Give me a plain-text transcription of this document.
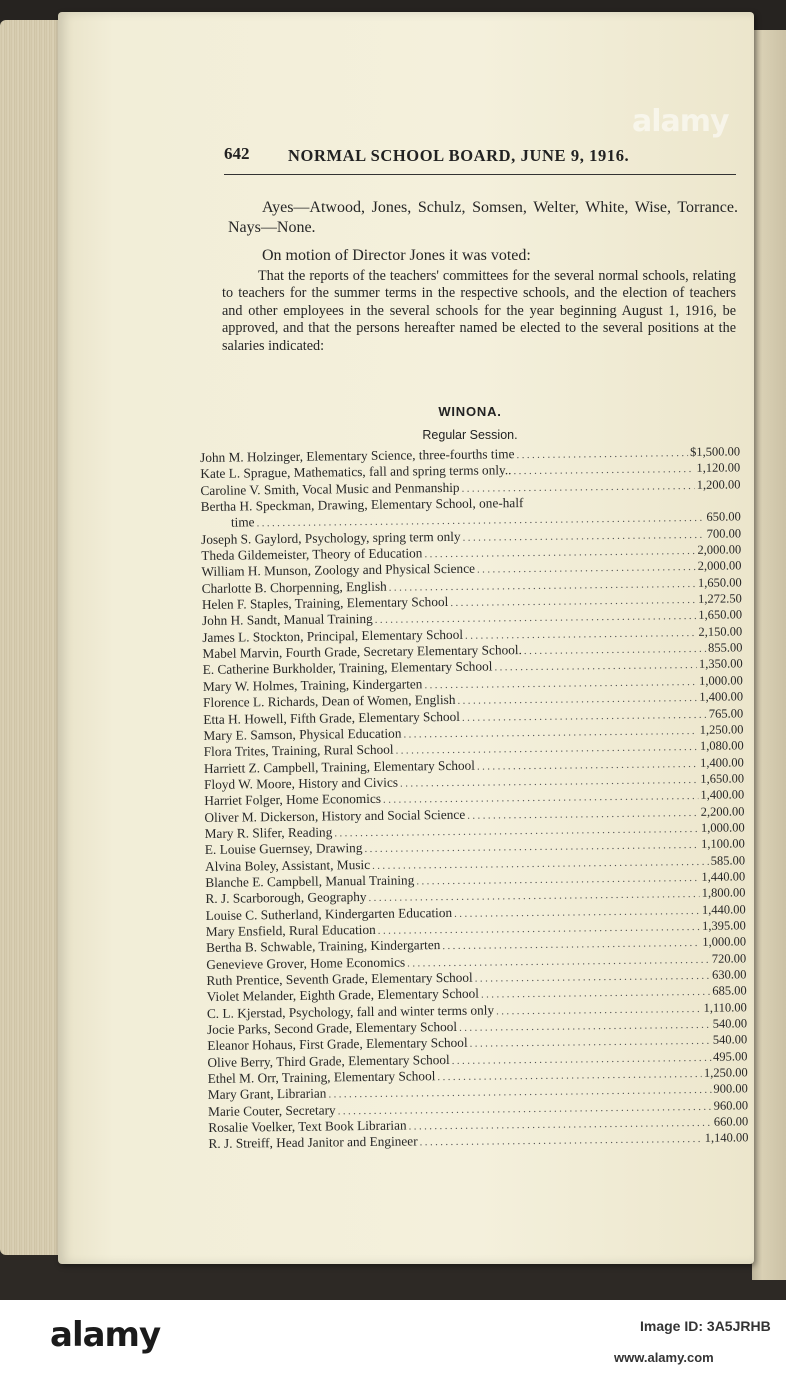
alamy
642 NORMAL SCHOOL BOARD, JUNE 9, 1916.
Ayes—Atwood, Jones, Schulz, Somsen, Welter, White, Wise, Torrance. Nays—None.
On motion of Director Jones it was voted:
That the reports of the teachers' committees for the several normal schools, relating to teachers for the summer terms in the respective schools, and the election of teachers and other employees in the several schools for the year beginning August 1, 1916, be approved, and that the persons hereafter named be elected to the several positions at the salaries indicated:
WINONA.
Regular Session.
John M. Holzinger, Elementary Science, three-fourths time .....	$1,500.00
Kate L. Sprague, Mathematics, fall and spring terms only.. .....	1,120.00
Caroline V. Smith, Vocal Music and Penmanship .....	1,200.00
Bertha H. Speckman, Drawing, Elementary School, one-half
time .....	650.00
Joseph S. Gaylord, Psychology, spring term only .....	700.00
Theda Gildemeister, Theory of Education .....	2,000.00
William H. Munson, Zoology and Physical Science .....	2,000.00
Charlotte B. Chorpenning, English .....	1,650.00
Helen F. Staples, Training, Elementary School .....	1,272.50
John H. Sandt, Manual Training .....	1,650.00
James L. Stockton, Principal, Elementary School .....	2,150.00
Mabel Marvin, Fourth Grade, Secretary Elementary School. .....	855.00
E. Catherine Burkholder, Training, Elementary School .....	1,350.00
Mary W. Holmes, Training, Kindergarten .....	1,000.00
Florence L. Richards, Dean of Women, English .....	1,400.00
Etta H. Howell, Fifth Grade, Elementary School .....	765.00
Mary E. Samson, Physical Education .....	1,250.00
Flora Trites, Training, Rural School .....	1,080.00
Harriett Z. Campbell, Training, Elementary School .....	1,400.00
Floyd W. Moore, History and Civics .....	1,650.00
Harriet Folger, Home Economics .....	1,400.00
Oliver M. Dickerson, History and Social Science .....	2,200.00
Mary R. Slifer, Reading .....	1,000.00
E. Louise Guernsey, Drawing .....	1,100.00
Alvina Boley, Assistant, Music .....	585.00
Blanche E. Campbell, Manual Training .....	1,440.00
R. J. Scarborough, Geography .....	1,800.00
Louise C. Sutherland, Kindergarten Education .....	1,440.00
Mary Ensfield, Rural Education .....	1,395.00
Bertha B. Schwable, Training, Kindergarten .....	1,000.00
Genevieve Grover, Home Economics .....	720.00
Ruth Prentice, Seventh Grade, Elementary School .....	630.00
Violet Melander, Eighth Grade, Elementary School .....	685.00
C. L. Kjerstad, Psychology, fall and winter terms only .....	1,110.00
Jocie Parks, Second Grade, Elementary School .....	540.00
Eleanor Hohaus, First Grade, Elementary School .....	540.00
Olive Berry, Third Grade, Elementary School .....	495.00
Ethel M. Orr, Training, Elementary School .....	1,250.00
Mary Grant, Librarian .....	900.00
Marie Couter, Secretary .....	960.00
Rosalie Voelker, Text Book Librarian .....	660.00
R. J. Streiff, Head Janitor and Engineer .....	1,140.00
alamy	Image ID: 3A5JRHB
www.alamy.com
